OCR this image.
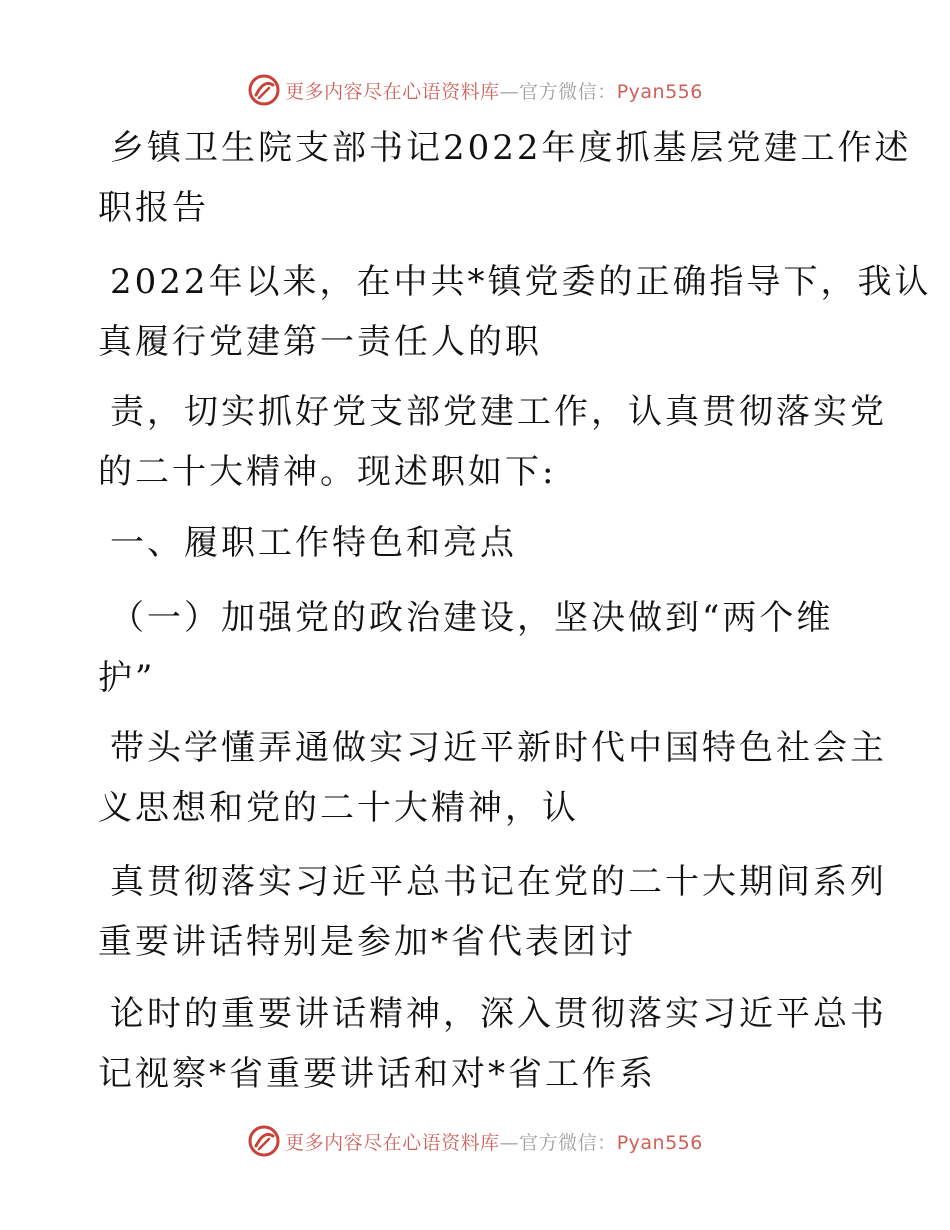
更多内容尽在心语资料库—官方微信：Pyan556

乡镇卫生院支部书记2022年度抓基层党建工作述
职报告

2022年以来，在中共*镇党委的正确指导下，我认
真履行党建第一责任人的职

责，切实抓好党支部党建工作，认真贯彻落实党
的二十大精神。现述职如下:

一、履职工作特色和亮点

（一）加强党的政治建设，坚决做到“两个维
护”

带头学懂弄通做实习近平新时代中国特色社会主
义思想和党的二十大精神，认

真贯彻落实习近平总书记在党的二十大期间系列
重要讲话特别是参加*省代表团讨

论时的重要讲话精神，深入贯彻落实习近平总书
记视察*省重要讲话和对*省工作系

更多内容尽在心语资料库—官方微信：Pyan556
